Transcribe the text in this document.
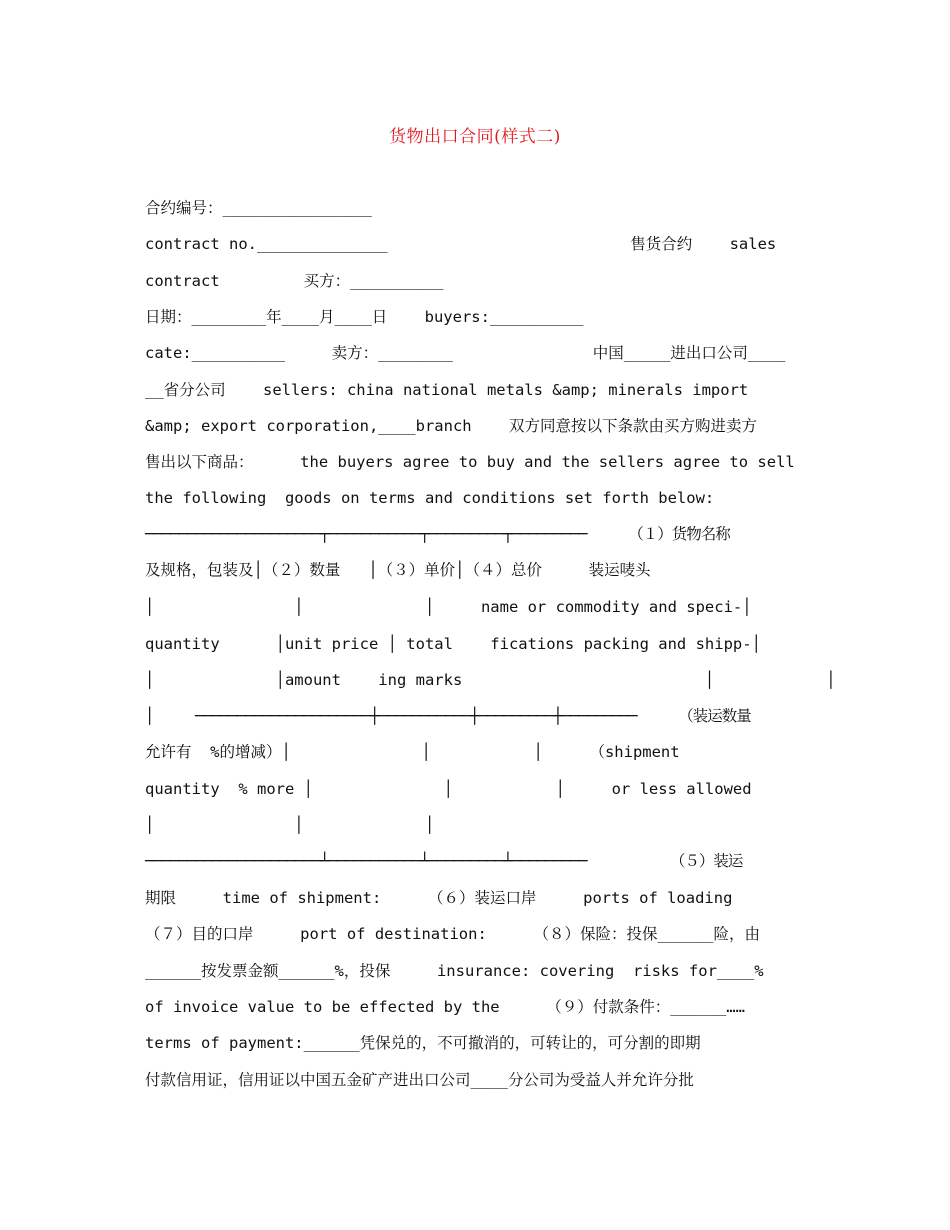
货物出口合同(样式二)
合约编号：________________
contract no.______________                          售货合约    sales
contract         买方：__________
日期：________年____月____日    buyers:__________
cate:__________     卖方：________               中国_____进出口公司____
__省分公司    sellers: china national metals &amp; minerals import
&amp; export corporation,____branch    双方同意按以下条款由买方购进卖方
售出以下商品：     the buyers agree to buy and the sellers agree to sell
the following  goods on terms and conditions set forth below:
─────────────────────┬───────────┬─────────┬─────────     （１）货物名称
及规格，包装及│（２）数量   │（３）单价│（４）总价     装运唛头
│               │             │     name or commodity and speci-│
quantity      │unit price │ total    fications packing and shipp-│
│             │amount    ing marks                          │            │
│     ─────────────────────┼───────────┼─────────┼─────────     （装运数量
允许有  %的增减）│              │           │     （shipment
quantity  % more │              │           │     or less allowed
│               │             │
─────────────────────┴───────────┴─────────┴─────────          （５）装运
期限     time of shipment:     （６）装运口岸     ports of loading
（７）目的口岸     port of destination:     （８）保险：投保______险，由
______按发票金额______%，投保     insurance: covering  risks for____%
of invoice value to be effected by the     （９）付款条件：______……
terms of payment:______凭保兑的，不可撤消的，可转让的，可分割的即期
付款信用证，信用证以中国五金矿产进出口公司____分公司为受益人并允许分批
